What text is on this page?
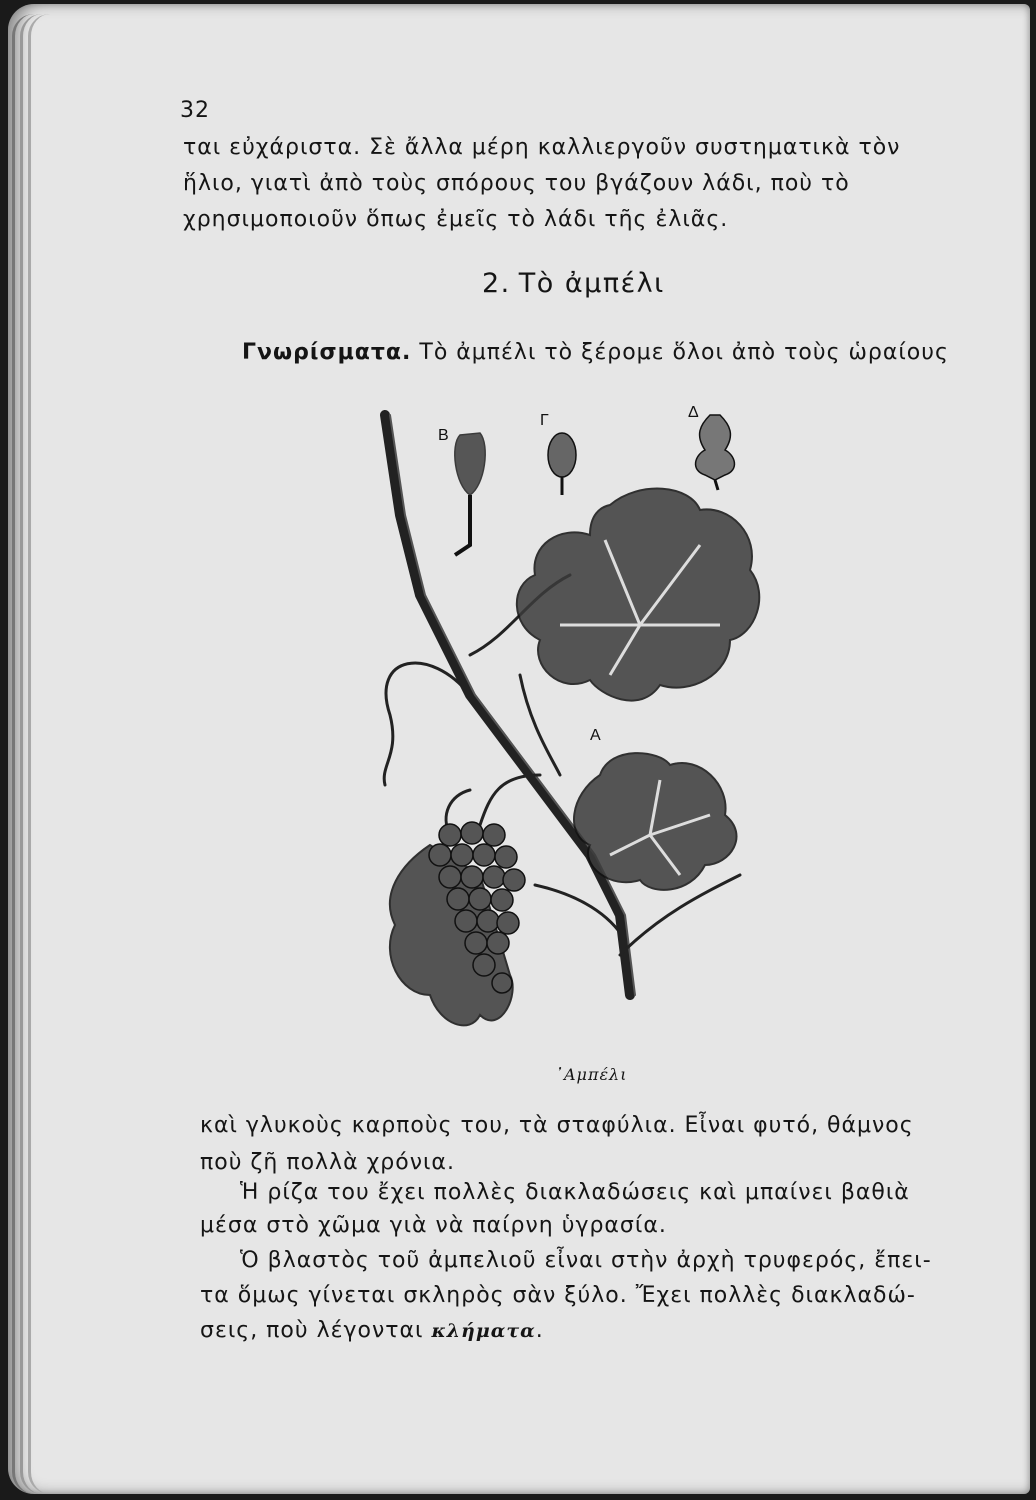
32
ται εὐχάριστα. Σὲ ἄλλα μέρη καλλιεργοῦν συστηματικὰ τὸν
ἥλιο, γιατὶ ἀπὸ τοὺς σπόρους του βγάζουν λάδι, ποὺ τὸ
χρησιμοποιοῦν ὅπως ἐμεῖς τὸ λάδι τῆς ἐλιᾶς.
2. Τὸ ἀμπέλι
Γνωρίσματα. Τὸ ἀμπέλι τὸ ξέρομε ὅλοι ἀπὸ τοὺς ὡραίους
Α
Β
Γ	Δ
᾿Αμπέλι
καὶ γλυκοὺς καρποὺς του, τὰ σταφύλια. Εἶναι φυτό, θάμνος
ποὺ ζῆ πολλὰ χρόνια.
Ἡ ρίζα του ἔχει πολλὲς διακλαδώσεις καὶ μπαίνει βαθιὰ
μέσα στὸ χῶμα γιὰ νὰ παίρνη ὑγρασία.
Ὁ βλαστὸς τοῦ ἀμπελιοῦ εἶναι στὴν ἀρχὴ τρυφερός, ἔπει-
τα ὅμως γίνεται σκληρὸς σὰν ξύλο. Ἔχει πολλὲς διακλαδώ-
σεις, ποὺ λέγονται κλήματα.
